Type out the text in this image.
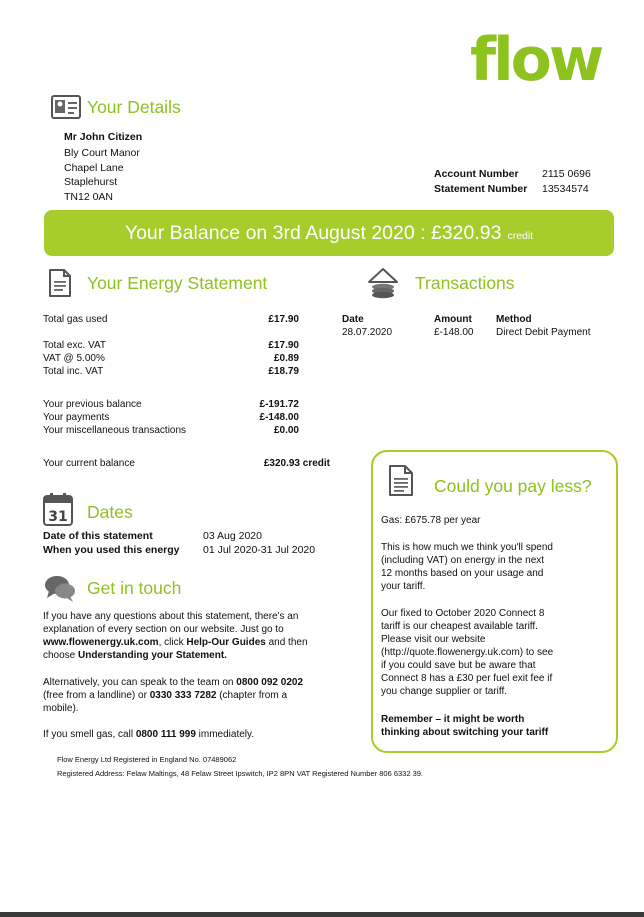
flow
Your Details
Mr John Citizen
Bly Court Manor
Chapel Lane
Staplehurst
TN12 0AN
Account Number 2115 0696
Statement Number 13534574
Your Balance on 3rd August 2020 : £320.93 credit
Your Energy Statement
Total gas used	£17.90
Total exc. VAT	£17.90
VAT @ 5.00%	£0.89
Total inc. VAT	£18.79
Your previous balance	£-191.72
Your payments	£-148.00
Your miscellaneous transactions	£0.00
Your current balance	£320.93 credit
Transactions
Date	Amount Method
28.07.2020	£-148.00 Direct Debit Payment
31 Dates
Date of this statement	03 Aug 2020
When you used this energy 01 Jul 2020-31 Jul 2020
Get in touch
If you have any questions about this statement, there's an
explanation of every section on our website. Just go to
www.flowenergy.uk.com, click Help-Our Guides and then
choose Understanding your Statement.
Alternatively, you can speak to the team on 0800 092 0202
(free from a landline) or 0330 333 7282 (chapter from a
mobile).
If you smell gas, call 0800 111 999 immediately.
Could you pay less?
Gas: £675.78 per year
This is how much we think you'll spend
(including VAT) on energy in the next
12 months based on your usage and
your tariff.
Our fixed to October 2020 Connect 8
tariff is our cheapest available tariff.
Please visit our website
(http://quote.flowenergy.uk.com) to see
if you could save but be aware that
Connect 8 has a £30 per fuel exit fee if
you change supplier or tariff.
Remember – it might be worth
thinking about switching your tariff
Flow Energy Ltd Registered in England No. 07489062
Registered Address: Felaw Maltings, 48 Felaw Street Ipswitch, IP2 8PN VAT Registered Number 806 6332 39.
